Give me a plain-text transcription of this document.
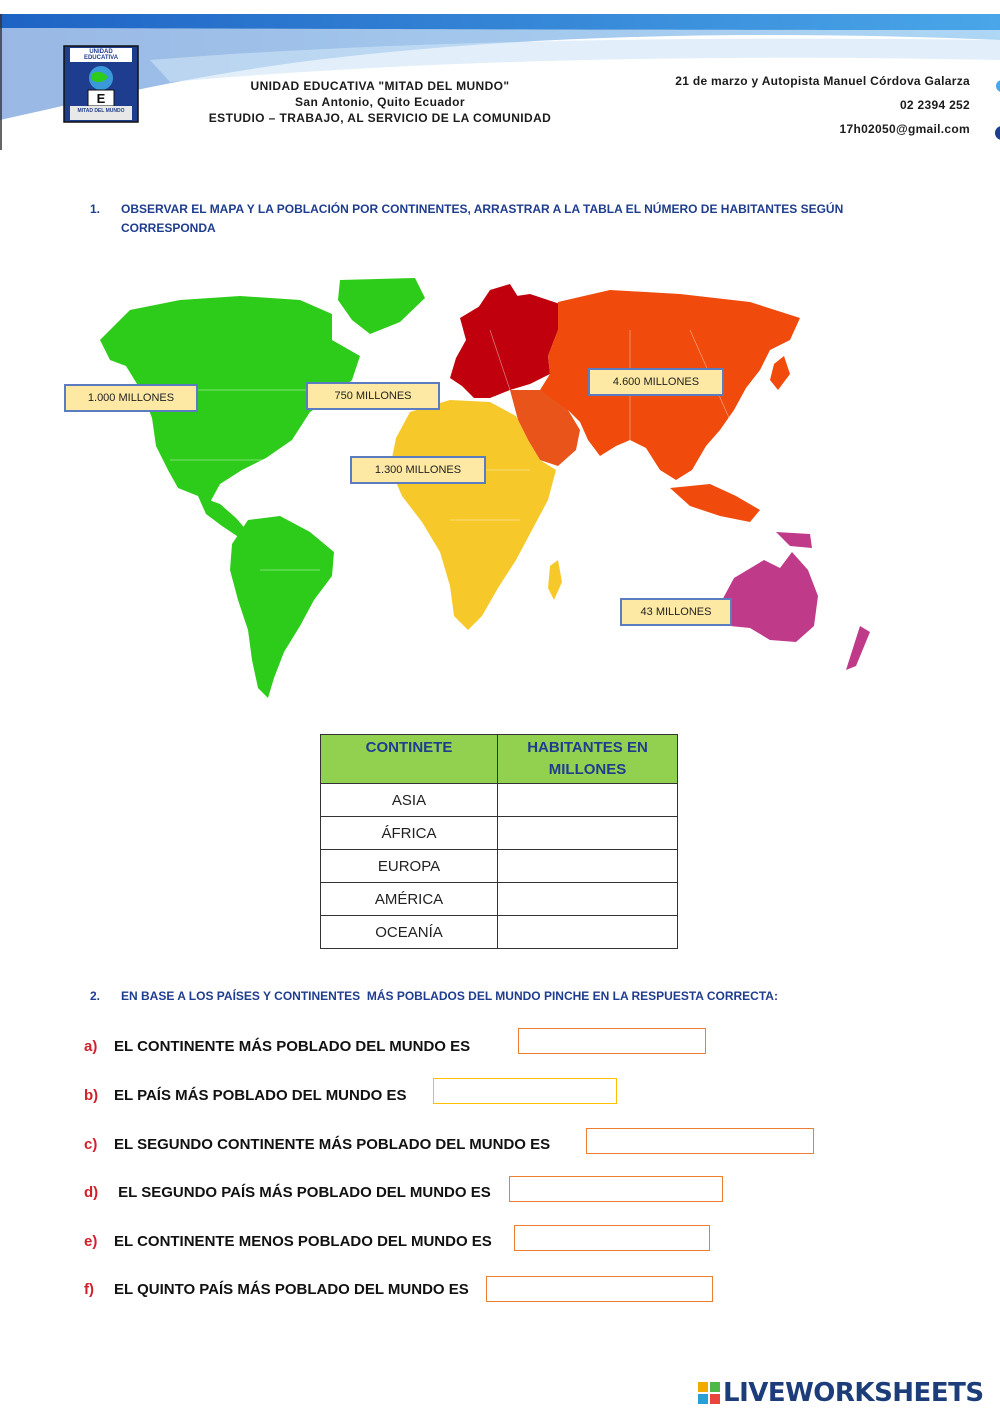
UNIDAD EDUCATIVA
E
MITAD DEL MUNDO
UNIDAD EDUCATIVA "MITAD DEL MUNDO"
San Antonio, Quito Ecuador
ESTUDIO – TRABAJO, AL SERVICIO DE LA COMUNIDAD
21 de marzo y Autopista Manuel Córdova Galarza
02 2394 252
17h02050@gmail.com
1. OBSERVAR EL MAPA Y LA POBLACIÓN POR CONTINENTES, ARRASTRAR A LA TABLA EL NÚMERO DE HABITANTES SEGÚN CORRESPONDA
1.000 MILLONES	750 MILLONES
4.600 MILLONES
1.300 MILLONES
43 MILLONES
CONTINETE	HABITANTES EN MILLONES
ASIA	
ÁFRICA	
EUROPA	
AMÉRICA	
OCEANÍA	
2. EN BASE A LOS PAÍSES Y CONTINENTES  MÁS POBLADOS DEL MUNDO PINCHE EN LA RESPUESTA CORRECTA:
a) EL CONTINENTE MÁS POBLADO DEL MUNDO ES
b) EL PAÍS MÁS POBLADO DEL MUNDO ES
c) EL SEGUNDO CONTINENTE MÁS POBLADO DEL MUNDO ES
d) EL SEGUNDO PAÍS MÁS POBLADO DEL MUNDO ES
e) EL CONTINENTE MENOS POBLADO DEL MUNDO ES
f) EL QUINTO PAÍS MÁS POBLADO DEL MUNDO ES
LIVEWORKSHEETS
